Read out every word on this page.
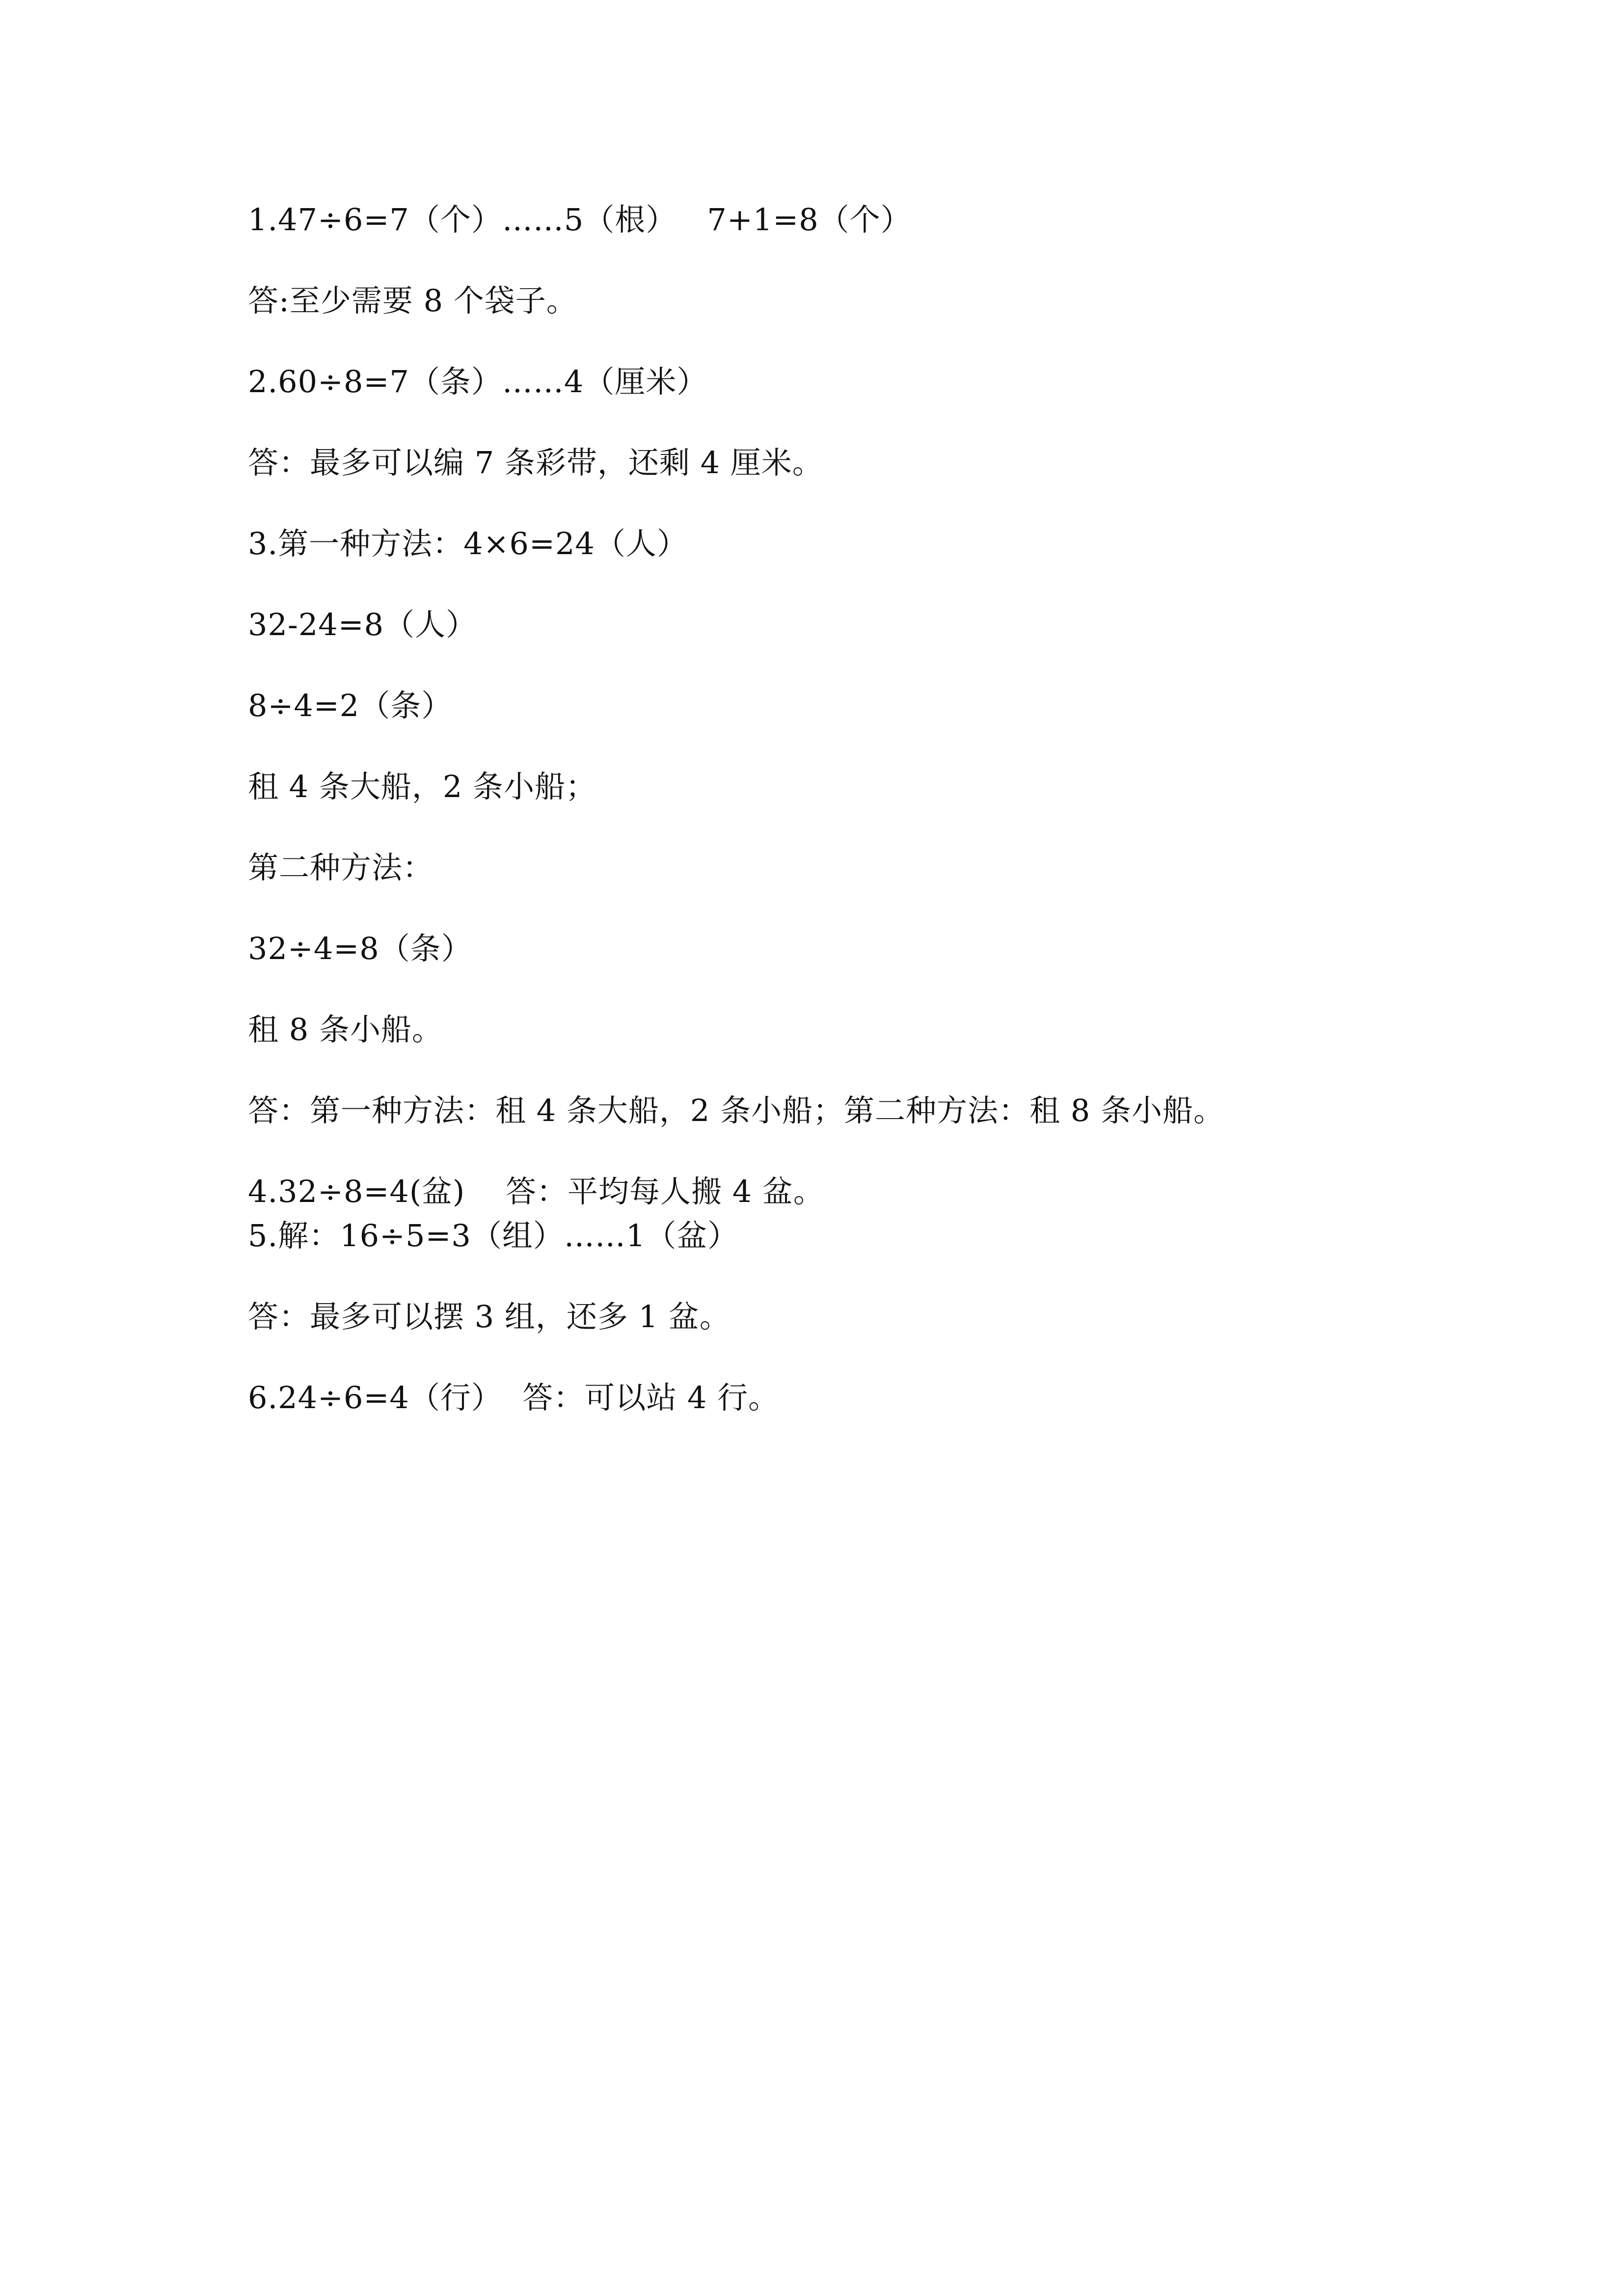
1.47÷6=7（个）……5（根）   7+1=8（个）
答:至少需要 8 个袋子。
2.60÷8=7（条）……4（厘米）
答：最多可以编 7 条彩带，还剩 4 厘米。
3.第一种方法：4×6=24（人）
32-24=8（人）
8÷4=2（条）
租 4 条大船，2 条小船；
第二种方法：
32÷4=8（条）
租 8 条小船。
答：第一种方法：租 4 条大船，2 条小船；第二种方法：租 8 条小船。
4.32÷8=4(盆)    答：平均每人搬 4 盆。
5.解：16÷5=3（组）……1（盆）
答：最多可以摆 3 组，还多 1 盆。
6.24÷6=4（行）  答：可以站 4 行。
